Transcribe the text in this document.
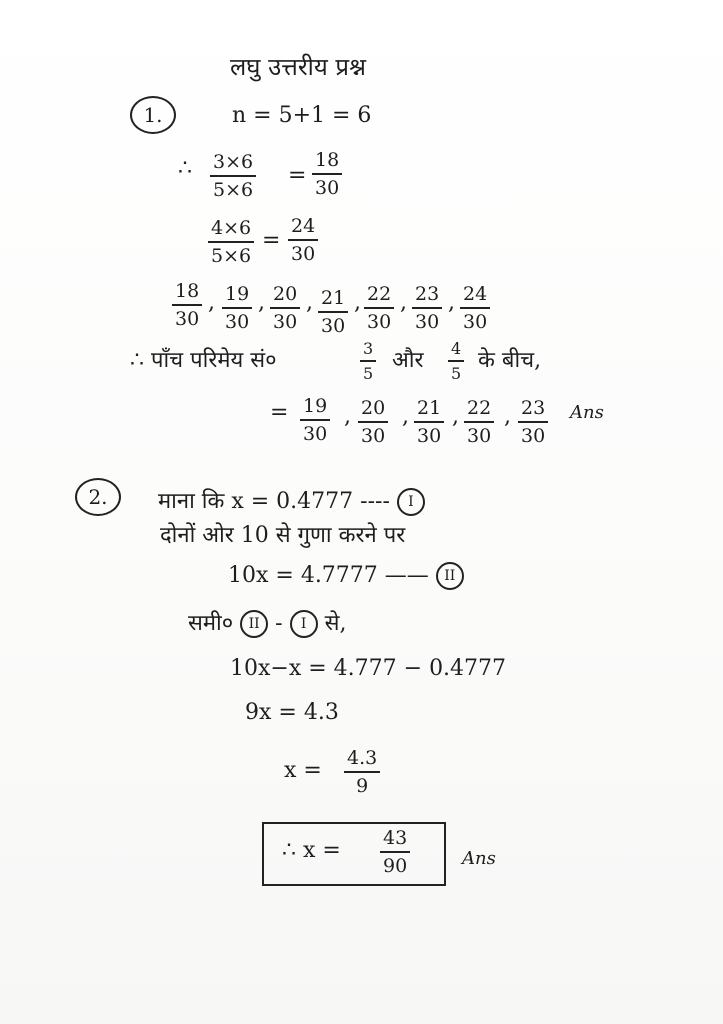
लघु उत्तरीय प्रश्न
1.	n = 5+1 = 6
∴ $\frac{3\times 6}{5\times 6} = \frac{18}{30}$
$\frac{4\times 6}{5\times 6} = \frac{24}{30}$
$\frac{18}{30}$ , $\frac{19}{30}$ , $\frac{20}{30}$ , $\frac{21}{30}$ , $\frac{22}{30}$ , $\frac{23}{30}$ , $\frac{24}{30}$
∴ पाँच परिमेय सं०	$\frac{3}{5}$ और $\frac{4}{5}$ के बीच,
= $\frac{19}{30}$ , $\frac{20}{30}$ , $\frac{21}{30}$ , $\frac{22}{30}$ , $\frac{23}{30}$ Ans
2.	माना कि x = 0.4777 ---- I
दोनों ओर 10 से गुणा करने पर
10x = 4.7777 —— II
समी० II - I से,
10x−x = 4.777 − 0.4777
9x = 4.3
$x = \frac{4.3}{9}$
∴ $x = \frac{43}{90}$	Ans
